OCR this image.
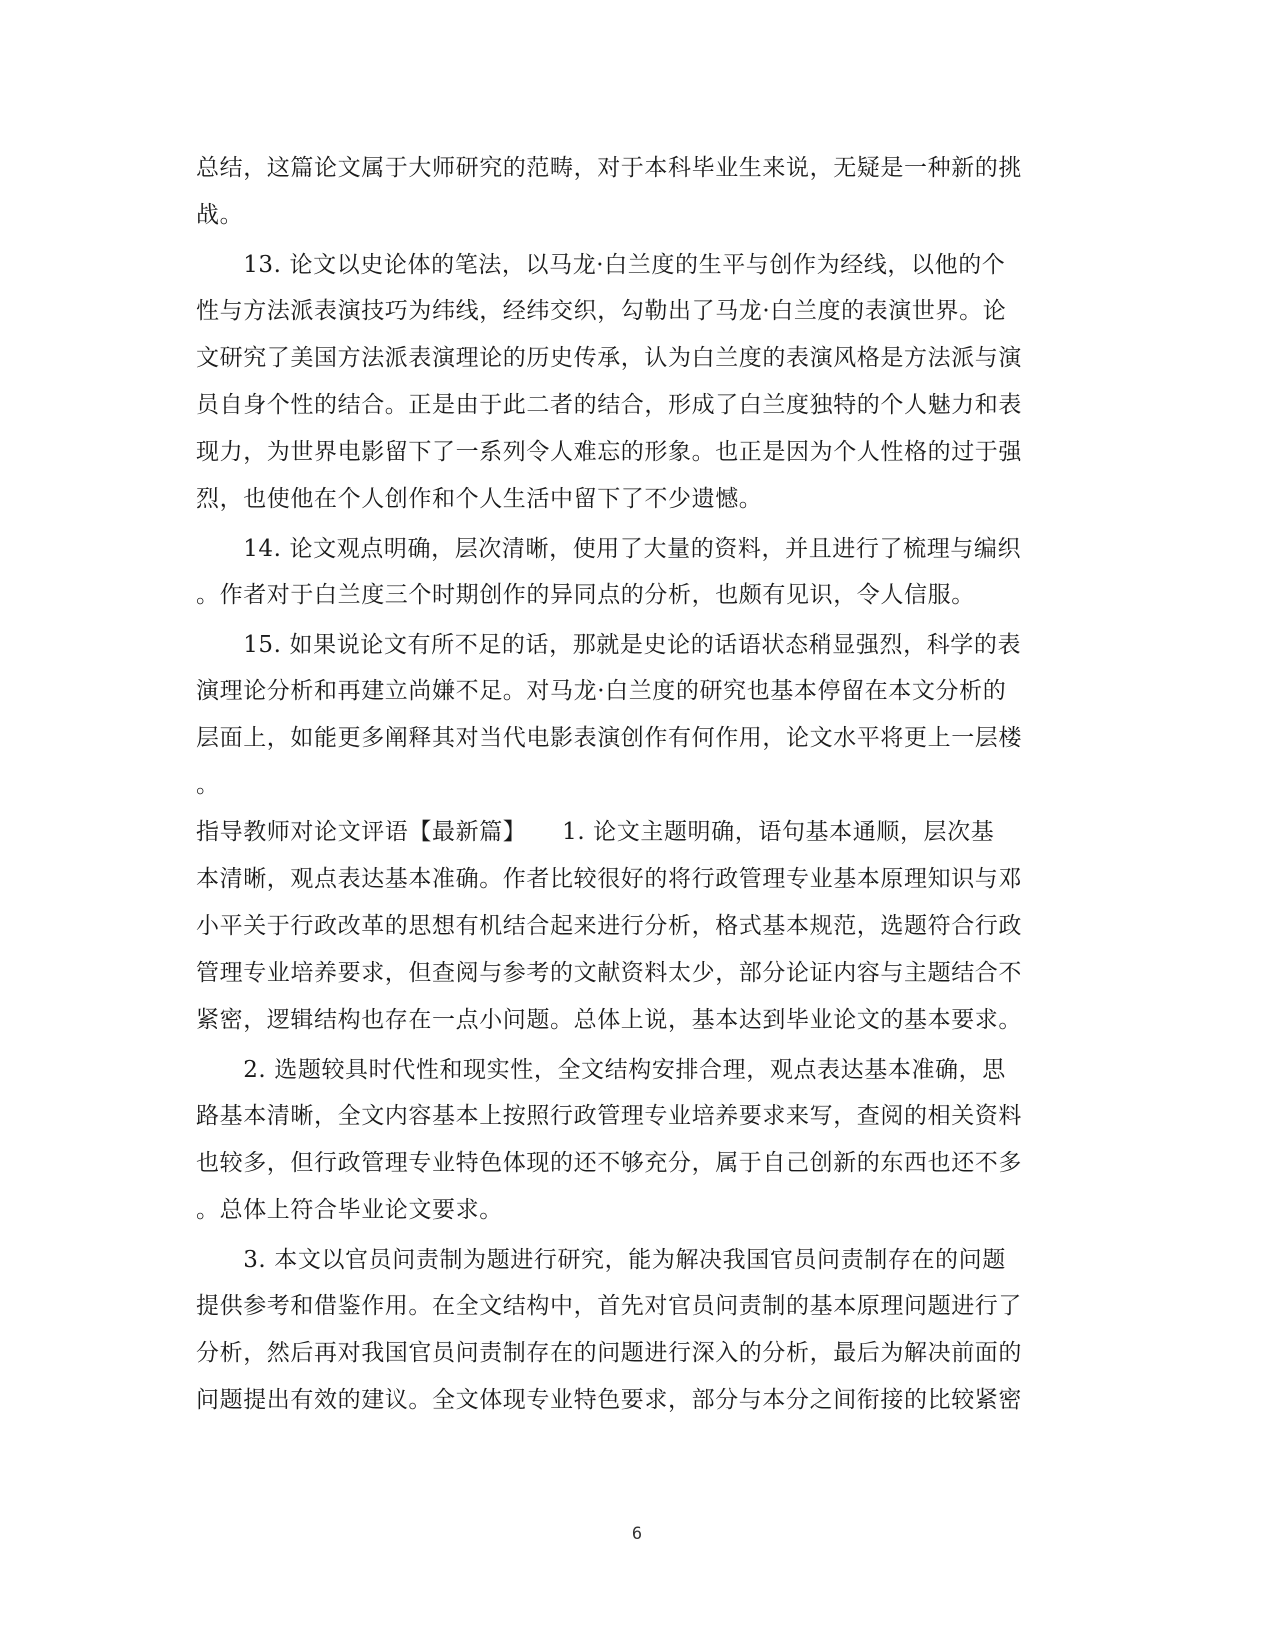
总结，这篇论文属于大师研究的范畴，对于本科毕业生来说，无疑是一种新的挑
战。
　　13. 论文以史论体的笔法，以马龙·白兰度的生平与创作为经线，以他的个
性与方法派表演技巧为纬线，经纬交织，勾勒出了马龙·白兰度的表演世界。论
文研究了美国方法派表演理论的历史传承，认为白兰度的表演风格是方法派与演
员自身个性的结合。正是由于此二者的结合，形成了白兰度独特的个人魅力和表
现力，为世界电影留下了一系列令人难忘的形象。也正是因为个人性格的过于强
烈，也使他在个人创作和个人生活中留下了不少遗憾。
　　14. 论文观点明确，层次清晰，使用了大量的资料，并且进行了梳理与编织
。作者对于白兰度三个时期创作的异同点的分析，也颇有见识，令人信服。
　　15. 如果说论文有所不足的话，那就是史论的话语状态稍显强烈，科学的表
演理论分析和再建立尚嫌不足。对马龙·白兰度的研究也基本停留在本文分析的
层面上，如能更多阐释其对当代电影表演创作有何作用，论文水平将更上一层楼
。
指导教师对论文评语【最新篇】　　1. 论文主题明确，语句基本通顺，层次基
本清晰，观点表达基本准确。作者比较很好的将行政管理专业基本原理知识与邓
小平关于行政改革的思想有机结合起来进行分析，格式基本规范，选题符合行政
管理专业培养要求，但查阅与参考的文献资料太少，部分论证内容与主题结合不
紧密，逻辑结构也存在一点小问题。总体上说，基本达到毕业论文的基本要求。
　　2. 选题较具时代性和现实性，全文结构安排合理，观点表达基本准确，思
路基本清晰，全文内容基本上按照行政管理专业培养要求来写，查阅的相关资料
也较多，但行政管理专业特色体现的还不够充分，属于自己创新的东西也还不多
。总体上符合毕业论文要求。
　　3. 本文以官员问责制为题进行研究，能为解决我国官员问责制存在的问题
提供参考和借鉴作用。在全文结构中，首先对官员问责制的基本原理问题进行了
分析，然后再对我国官员问责制存在的问题进行深入的分析，最后为解决前面的
问题提出有效的建议。全文体现专业特色要求，部分与本分之间衔接的比较紧密
6
